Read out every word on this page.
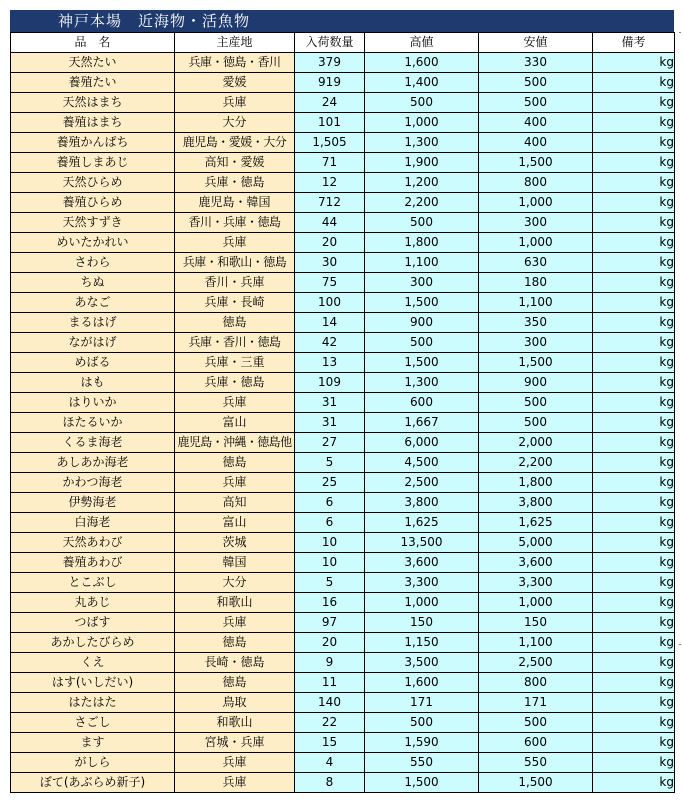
神戸本場　近海物・活魚物
品　名	主産地	入荷数量	高値	安値	備考
天然たい	兵庫・徳島・香川	379	1,600	330	kg
養殖たい	愛媛	919	1,400	500	kg
天然はまち	兵庫	24	500	500	kg
養殖はまち	大分	101	1,000	400	kg
養殖かんぱち	鹿児島・愛媛・大分	1,505	1,300	400	kg
養殖しまあじ	高知・愛媛	71	1,900	1,500	kg
天然ひらめ	兵庫・徳島	12	1,200	800	kg
養殖ひらめ	鹿児島・韓国	712	2,200	1,000	kg
天然すずき	香川・兵庫・徳島	44	500	300	kg
めいたかれい	兵庫	20	1,800	1,000	kg
さわら	兵庫・和歌山・徳島	30	1,100	630	kg
ちぬ	香川・兵庫	75	300	180	kg
あなご	兵庫・長崎	100	1,500	1,100	kg
まるはげ	徳島	14	900	350	kg
ながはげ	兵庫・香川・徳島	42	500	300	kg
めばる	兵庫・三重	13	1,500	1,500	kg
はも	兵庫・徳島	109	1,300	900	kg
はりいか	兵庫	31	600	500	kg
ほたるいか	富山	31	1,667	500	kg
くるま海老	鹿児島・沖縄・徳島他	27	6,000	2,000	kg
あしあか海老	徳島	5	4,500	2,200	kg
かわつ海老	兵庫	25	2,500	1,800	kg
伊勢海老	高知	6	3,800	3,800	kg
白海老	富山	6	1,625	1,625	kg
天然あわび	茨城	10	13,500	5,000	kg
養殖あわび	韓国	10	3,600	3,600	kg
とこぶし	大分	5	3,300	3,300	kg
丸あじ	和歌山	16	1,000	1,000	kg
つばす	兵庫	97	150	150	kg
あかしたびらめ	徳島	20	1,150	1,100	kg
くえ	長崎・徳島	9	3,500	2,500	kg
はす(いしだい)	徳島	11	1,600	800	kg
はたはた	鳥取	140	171	171	kg
さごし	和歌山	22	500	500	kg
ます	宮城・兵庫	15	1,590	600	kg
がしら	兵庫	4	550	550	kg
ぼて(あぶらめ新子)	兵庫	8	1,500	1,500	kg
